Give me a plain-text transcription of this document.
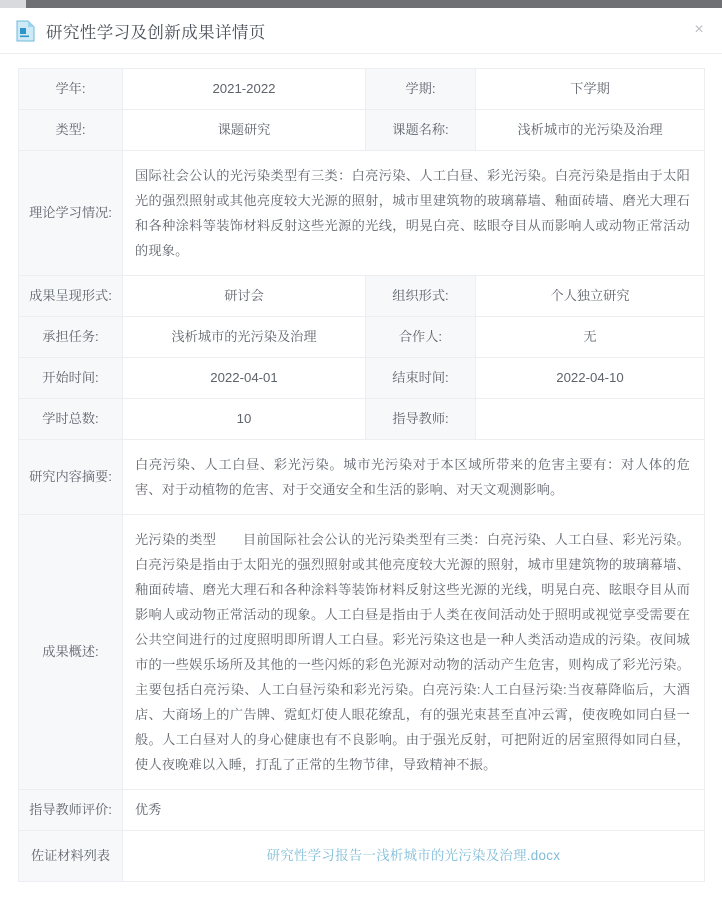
研究性学习及创新成果详情页	×
学年:	2021-2022	学期:	下学期
类型:	课题研究	课题名称:	浅析城市的光污染及治理
理论学习情况:	国际社会公认的光污染类型有三类：白亮污染、人工白昼、彩光污染。白亮污染是指由于太阳光的强烈照射或其他亮度较大光源的照射，城市里建筑物的玻璃幕墙、釉面砖墙、磨光大理石和各种涂料等装饰材料反射这些光源的光线，明晃白亮、眩眼夺目从而影响人或动物正常活动的现象。		
成果呈现形式:	研讨会	组织形式:	个人独立研究
承担任务:	浅析城市的光污染及治理	合作人:	无
开始时间:	2022-04-01	结束时间:	2022-04-10
学时总数:	10	指导教师:	
研究内容摘要:	白亮污染、人工白昼、彩光污染。城市光污染对于本区域所带来的危害主要有：对人体的危害、对于动植物的危害、对于交通安全和生活的影响、对天文观测影响。		
成果概述:	光污染的类型 目前国际社会公认的光污染类型有三类：白亮污染、人工白昼、彩光污染。白亮污染是指由于太阳光的强烈照射或其他亮度较大光源的照射，城市里建筑物的玻璃幕墙、釉面砖墙、磨光大理石和各种涂料等装饰材料反射这些光源的光线，明晃白亮、眩眼夺目从而影响人或动物正常活动的现象。人工白昼是指由于人类在夜间活动处于照明或视觉享受需要在公共空间进行的过度照明即所谓人工白昼。彩光污染这也是一种人类活动造成的污染。夜间城市的一些娱乐场所及其他的一些闪烁的彩色光源对动物的活动产生危害，则构成了彩光污染。主要包括白亮污染、人工白昼污染和彩光污染。白亮污染:人工白昼污染:当夜幕降临后，大酒店、大商场上的广告牌、霓虹灯使人眼花缭乱，有的强光束甚至直冲云霄，使夜晚如同白昼一般。人工白昼对人的身心健康也有不良影响。由于强光反射，可把附近的居室照得如同白昼，使人夜晚难以入睡，打乱了正常的生物节律，导致精神不振。		
指导教师评价:	优秀		
佐证材料列表	研究性学习报告一浅析城市的光污染及治理.docx		
